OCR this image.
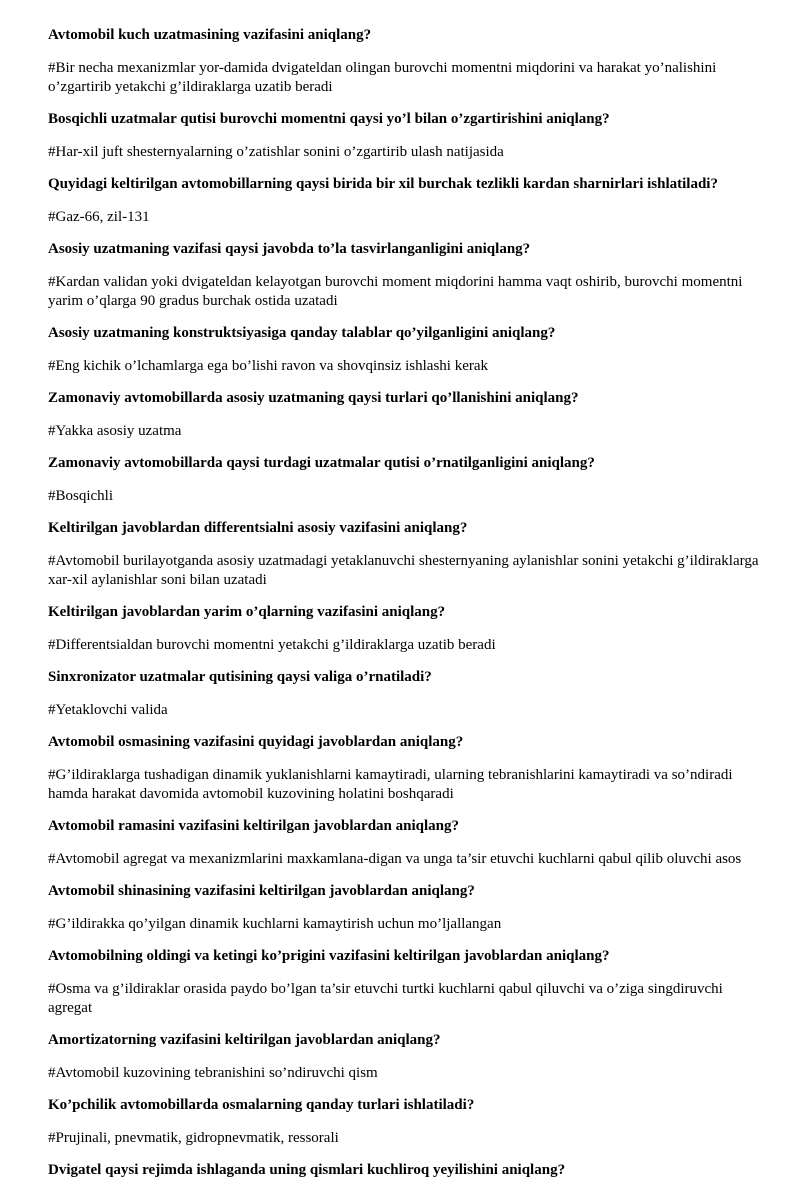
Avtomobil kuch uzatmasining vazifasini aniqlang?

#Bir necha mexanizmlar yor-damida dvigateldan olingan burovchi momentni miqdorini va harakat yo’nalishini o’zgartirib yetakchi g’ildiraklarga uzatib beradi

Bosqichli uzatmalar qutisi burovchi momentni qaysi yo’l bilan o’zgartirishini aniqlang?

#Har-xil juft shesternyalarning o’zatishlar sonini o’zgartirib ulash natijasida

Quyidagi keltirilgan avtomobillarning qaysi birida bir xil burchak tezlikli kardan sharnirlari ishlatiladi?

#Gaz-66, zil-131

Asosiy uzatmaning vazifasi qaysi javobda to’la tasvirlanganligini aniqlang?

#Kardan validan yoki dvigateldan kelayotgan burovchi moment miqdorini hamma vaqt oshirib, burovchi momentni yarim o’qlarga 90 gradus burchak ostida uzatadi

Asosiy uzatmaning konstruktsiyasiga qanday talablar qo’yilganligini aniqlang?

#Eng kichik o’lchamlarga ega bo’lishi ravon va shovqinsiz ishlashi kerak

Zamonaviy avtomobillarda asosiy uzatmaning qaysi turlari qo’llanishini aniqlang?

#Yakka asosiy uzatma

Zamonaviy avtomobillarda qaysi turdagi uzatmalar qutisi o’rnatilganligini aniqlang?

#Bosqichli

Keltirilgan javoblardan differentsialni asosiy vazifasini aniqlang?

#Avtomobil burilayotganda asosiy uzatmadagi yetaklanuvchi shesternyaning aylanishlar sonini yetakchi g’ildiraklarga xar-xil aylanishlar soni bilan uzatadi

Keltirilgan javoblardan yarim o’qlarning vazifasini aniqlang?

#Differentsialdan burovchi momentni yetakchi g’ildiraklarga uzatib beradi

Sinxronizator uzatmalar qutisining qaysi valiga o’rnatiladi?

#Yetaklovchi valida

Avtomobil osmasining vazifasini quyidagi javoblardan aniqlang?

#G’ildiraklarga tushadigan dinamik yuklanishlarni kamaytiradi, ularning tebranishlarini kamaytiradi va so’ndiradi hamda harakat davomida avtomobil kuzovining holatini boshqaradi

Avtomobil ramasini vazifasini keltirilgan javoblardan aniqlang?

#Avtomobil agregat va mexanizmlarini maxkamlana-digan va unga ta’sir etuvchi kuchlarni qabul qilib oluvchi asos

Avtomobil shinasining vazifasini keltirilgan javoblardan aniqlang?

#G’ildirakka qo’yilgan dinamik kuchlarni kamaytirish uchun mo’ljallangan

Avtomobilning oldingi va ketingi ko’prigini vazifasini keltirilgan javoblardan aniqlang?

#Osma va g’ildiraklar orasida paydo bo’lgan ta’sir etuvchi turtki kuchlarni qabul qiluvchi va o’ziga singdiruvchi agregat

Amortizatorning vazifasini keltirilgan javoblardan aniqlang?

#Avtomobil kuzovining tebranishini so’ndiruvchi qism

Ko’pchilik avtomobillarda osmalarning qanday turlari ishlatiladi?

#Prujinali, pnevmatik, gidropnevmatik, ressorali

Dvigatel qaysi rejimda ishlaganda uning qismlari kuchliroq yeyilishini aniqlang?
